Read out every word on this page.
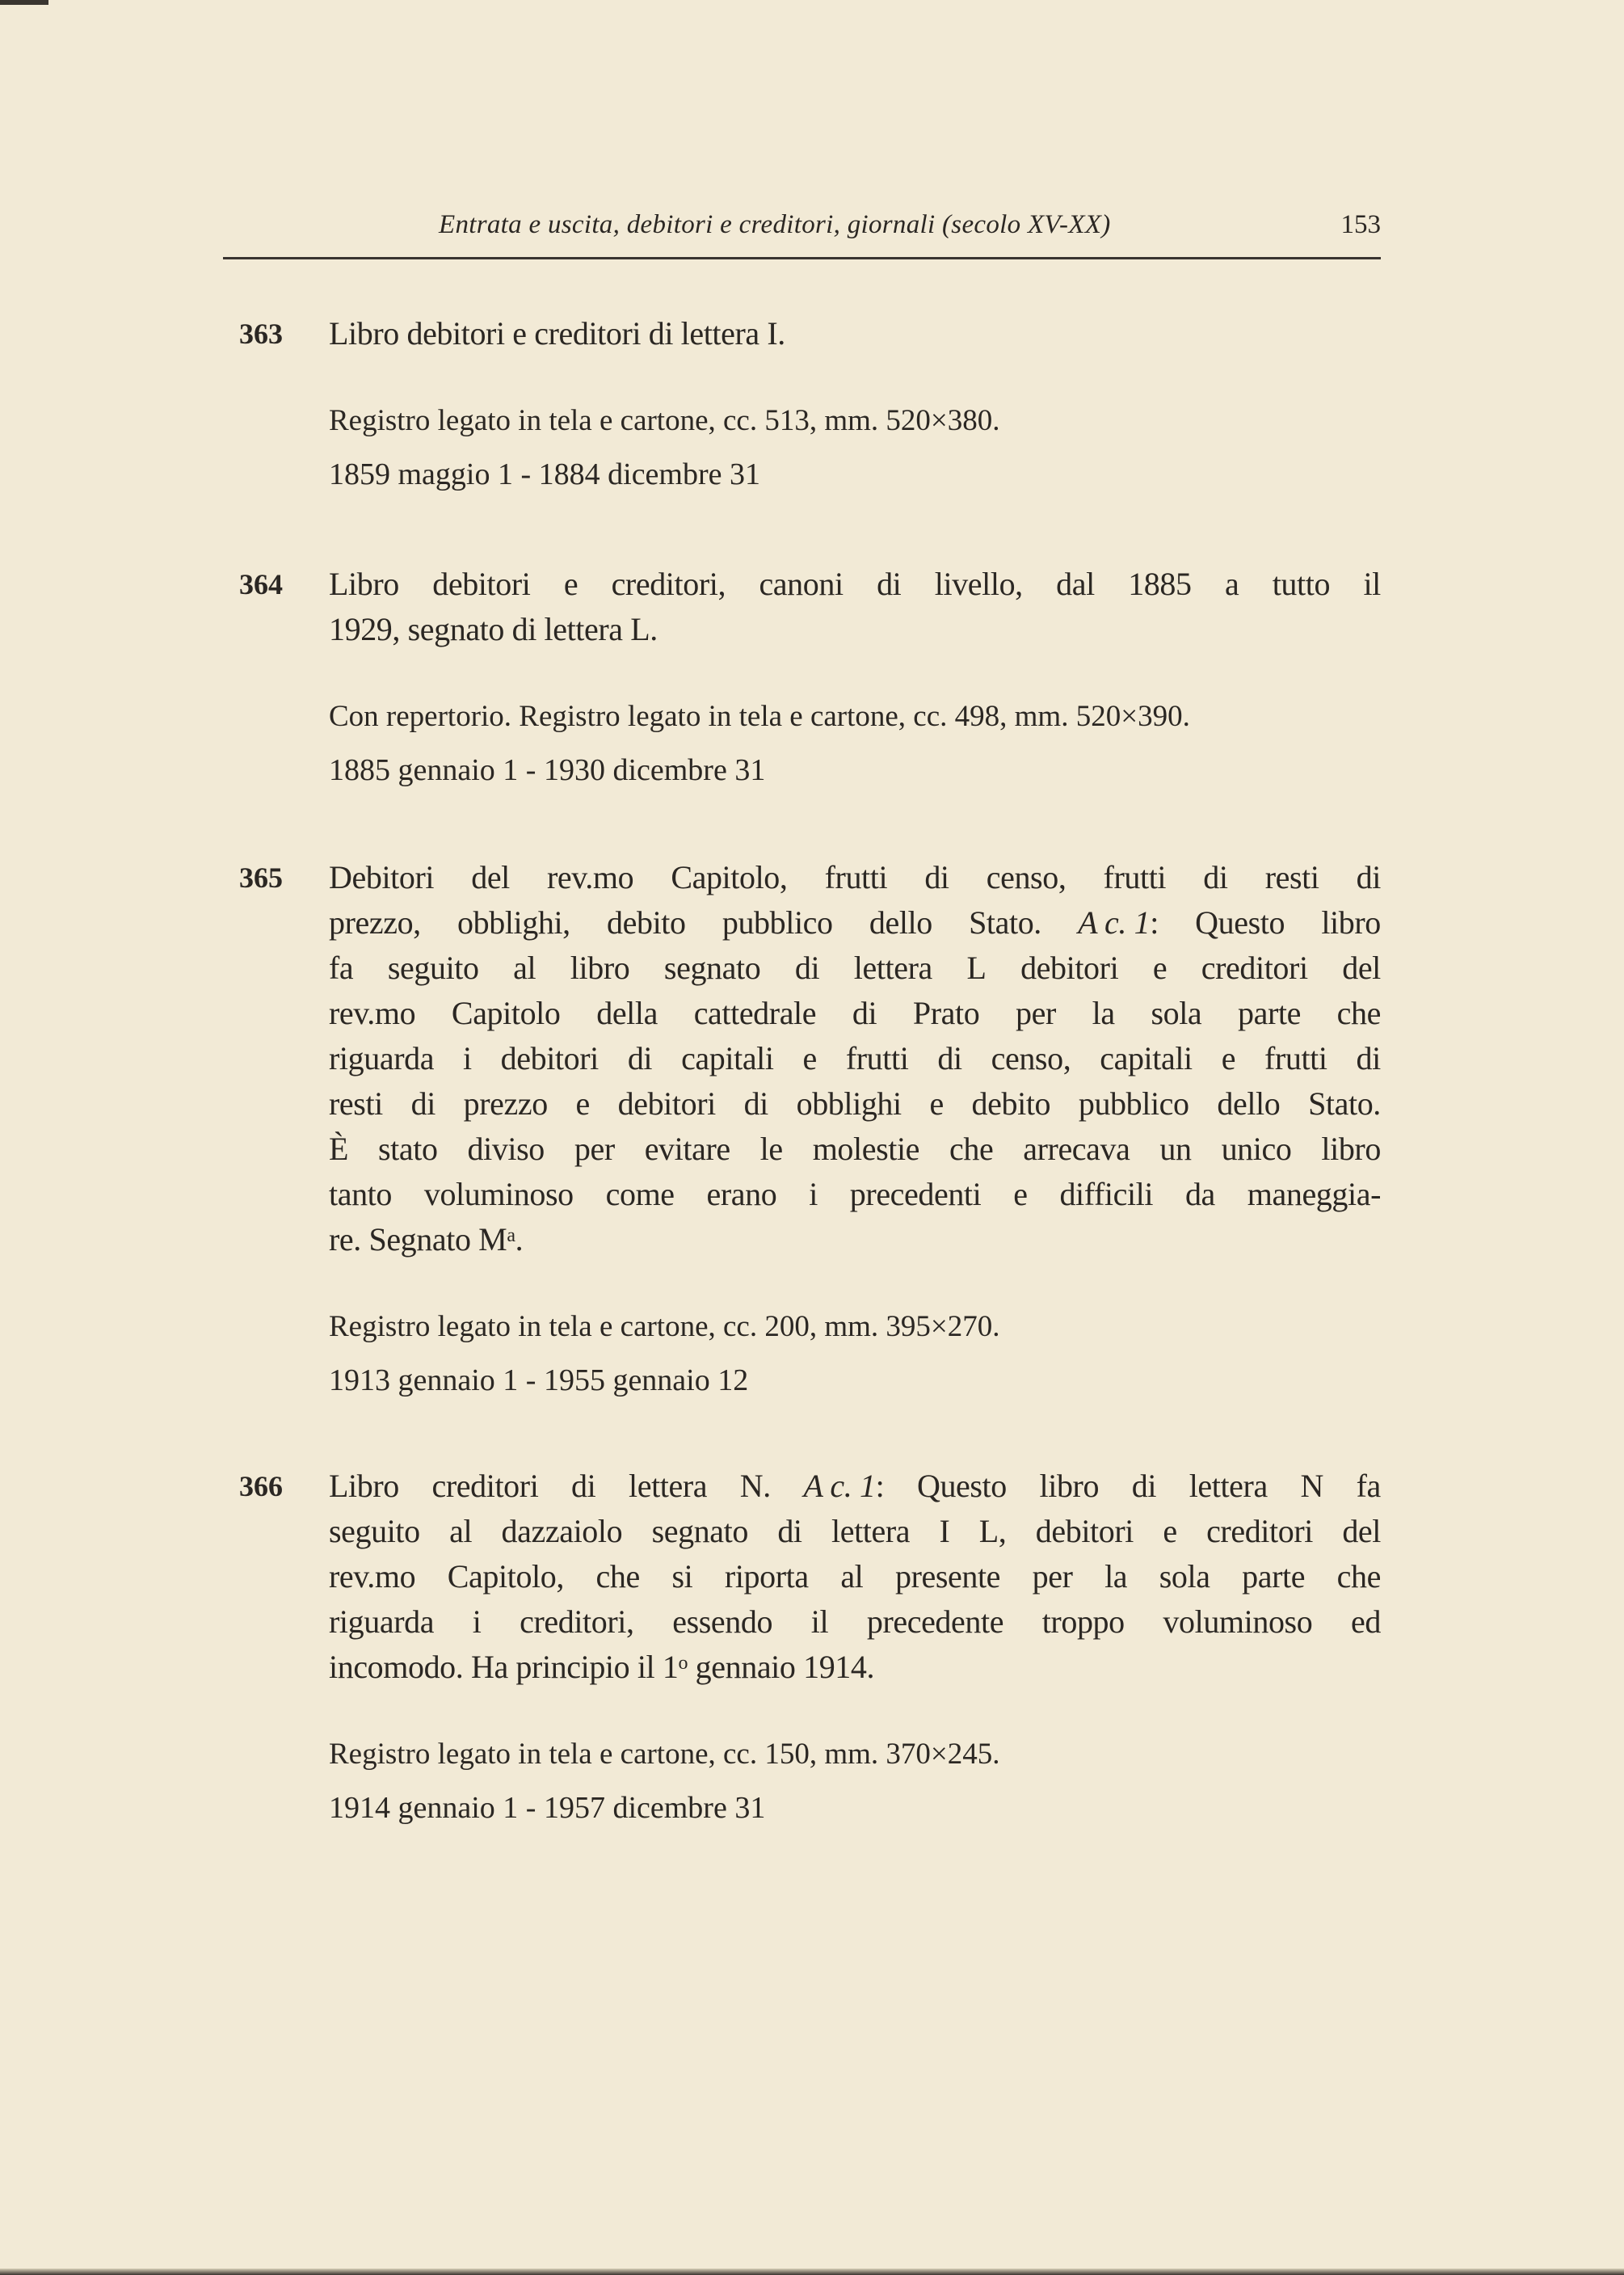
Entrata e uscita, debitori e creditori, giornali (secolo XV-XX)	153
363 Libro debitori e creditori di lettera I.
Registro legato in tela e cartone, cc. 513, mm. 520×380.
1859 maggio 1 - 1884 dicembre 31
364 Libro debitori e creditori, canoni di livello, dal 1885 a tutto il
1929, segnato di lettera L.
Con repertorio. Registro legato in tela e cartone, cc. 498, mm. 520×390.
1885 gennaio 1 - 1930 dicembre 31
365 Debitori del rev.mo Capitolo, frutti di censo, frutti di resti di
prezzo, obblighi, debito pubblico dello Stato. A c. 1: Questo libro
fa seguito al libro segnato di lettera L debitori e creditori del
rev.mo Capitolo della cattedrale di Prato per la sola parte che
riguarda i debitori di capitali e frutti di censo, capitali e frutti di
resti di prezzo e debitori di obblighi e debito pubblico dello Stato.
È stato diviso per evitare le molestie che arrecava un unico libro
tanto voluminoso come erano i precedenti e difficili da maneggia-
re. Segnato M a .
Registro legato in tela e cartone, cc. 200, mm. 395×270.
1913 gennaio 1 - 1955 gennaio 12
366 Libro creditori di lettera N. A c. 1: Questo libro di lettera N fa
seguito al dazzaiolo segnato di lettera I L, debitori e creditori del
rev.mo Capitolo, che si riporta al presente per la sola parte che
riguarda i creditori, essendo il precedente troppo voluminoso ed
incomodo. Ha principio il 1 o gennaio 1914.
Registro legato in tela e cartone, cc. 150, mm. 370×245.
1914 gennaio 1 - 1957 dicembre 31
